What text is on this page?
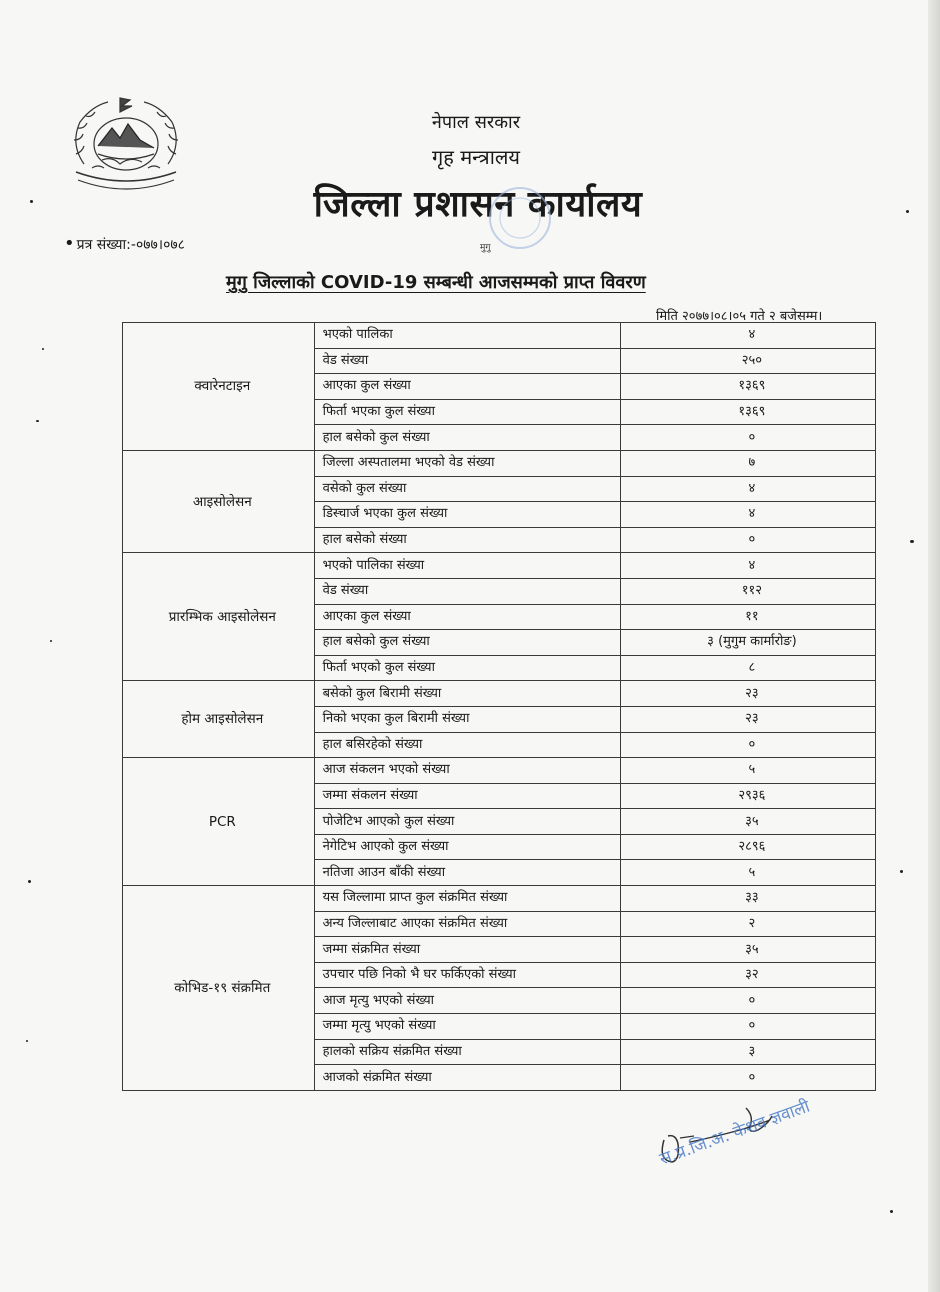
‍ ‍ ‍ ‍ ‍
नेपाल सरकार
गृह मन्त्रालय
जिल्ला प्रशासन कार्यालय
• प्रत्र संख्या:-०७७।०७८	मुगु
मुगु जिल्लाको COVID-19 सम्बन्धी आजसम्मको प्राप्त विवरण
मिति २०७७।०८।०५ गते २ बजेसम्म।
क्वारेनटाइन	भएको पालिका	४
	वेड संख्या	२५०
	आएका कुल संख्या	१३६९
	फिर्ता भएका कुल संख्या	१३६९
	हाल बसेको कुल संख्या	०
आइसोलेसन	जिल्ला अस्पतालमा भएको वेड संख्या	७
	वसेको कुल संख्या	४
	डिस्चार्ज भएका कुल संख्या	४
	हाल बसेको संख्या	०
प्रारम्भिक आइसोलेसन	भएको पालिका संख्या	४
	वेड संख्या	११२
	आएका कुल संख्या	११
	हाल बसेको कुल संख्या	३ (मुगुम कार्मारोङ)
	फिर्ता भएको कुल संख्या	८
होम आइसोलेसन	बसेको कुल बिरामी संख्या	२३
	निको भएका कुल बिरामी संख्या	२३
	हाल बसिरहेको संख्या	०
PCR	आज संकलन भएको संख्या	५
	जम्मा संकलन संख्या	२९३६
	पोजेटिभ आएको कुल संख्या	३५
	नेगेटिभ आएको कुल संख्या	२८९६
	नतिजा आउन बाँकी संख्या	५
कोभिड-१९ संक्रमित	यस जिल्लामा प्राप्त कुल संक्रमित संख्या	३३
	अन्य जिल्लाबाट आएका संक्रमित संख्या	२
	जम्मा संक्रमित संख्या	३५
	उपचार पछि निको भै घर फर्किएको संख्या	३२
	आज मृत्यु भएको संख्या	०
	जम्मा मृत्यु भएको संख्या	०
	हालको सक्रिय संक्रमित संख्या	३
	आजको संक्रमित संख्या	०
स.प्र.जि.अ. केशव ज्ञवाली
